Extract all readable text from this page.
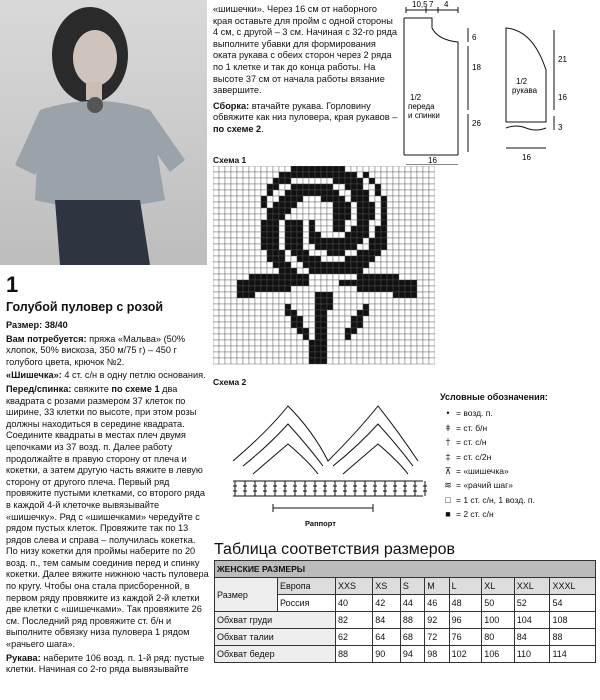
1
Голубой пуловер с розой

Размер: 38/40

Вам потребуется: пряжа «Мальва» (50% хлопок, 50% вискоза, 350 м/75 г) – 450 г голубого цвета, крючок №2.

«Шишечка»: 4 ст. с/н в одну петлю основания.

Перед/спинка: свяжите по схеме 1 два квадрата с розами размером 37 клеток по ширине, 33 клетки по высоте, при этом розы должны находиться в середине квадрата. Соедините квадраты в местах плеч двумя цепочками из 37 возд. п. Далее работу продолжайте в правую сторону от плеча и кокетки, а затем другую часть вяжите в левую сторону от другого плеча. Первый ряд провяжите пустыми клетками, со второго ряда в каждой 4-й клеточке вывязывайте «шишечку». Ряд с «шишечками» чередуйте с рядом пустых клеток. Провяжите так по 13 рядов слева и справа – получилась кокетка. По низу кокетки для проймы наберите по 20 возд. п., тем самым соединив перед и спинку кокетки. Далее вяжите нижнюю часть пуловера по кругу. Чтобы она стала присборенной, в первом ряду провяжите из каждой 2-й клетки две клетки с «шишечками». Так провяжите 26 см. Последний ряд провяжите ст. б/н и выполните обвязку низа пуловера 1 рядом «рачьего шага».

Рукава: наберите 106 возд. п. 1-й ряд: пустые клетки. Начиная со 2-го ряда вывязывайте

«шишечки». Через 16 см от наборного края оставьте для пройм с одной стороны 4 см, с другой – 3 см. Начиная с 32-го ряда выполните убавки для формирования оката рукава с обеих сторон через 2 ряда по 1 клетке и так до конца работы. На высоте 37 см от начала работы вязание завершите.

Сборка: втачайте рукава. Горловину обвяжите как низ пуловера, края рукавов – по схеме 2.

10,5 7 4
6
18
26
16
1/2 переда и спинки
1/2 рукава
21
16
3
16
Схема 1
Схема 2
Раппорт
Условные обозначения:
• = возд. п.
ǂ = ст. б/н
† = ст. с/н
‡ = ст. с/2н
⊼ = «шишечка»
≋ = «рачий шаг»
□ = 1 ст. с/н, 1 возд. п.
■ = 2 ст. с/н
Таблица соответствия размеров
ЖЕНСКИЕ РАЗМЕРЫ									
Размер	Европа	XXS	XS	S	M	L	XL	XXL	XXXL
	Россия	40	42	44	46	48	50	52	54
Обхват груди		82	84	88	92	96	100	104	108
Обхват талии		62	64	68	72	76	80	84	88
Обхват бедер		88	90	94	98	102	106	110	114
